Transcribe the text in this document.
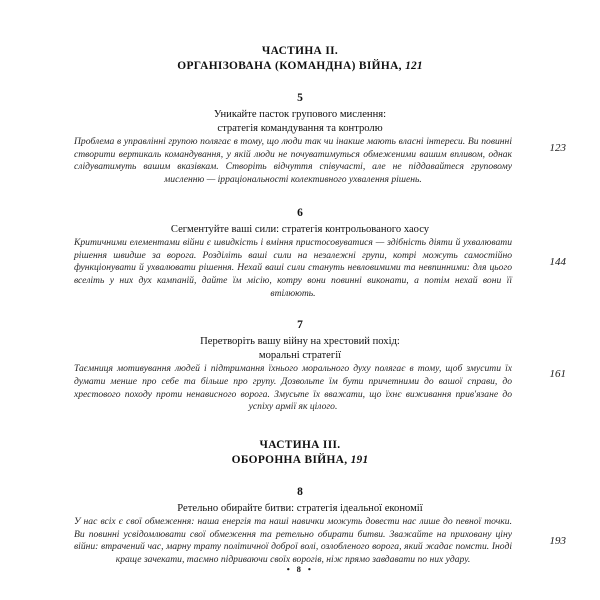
ЧАСТИНА II.
ОРГАНІЗОВАНА (КОМАНДНА) ВІЙНА, 121
5
Уникайте пасток групового мислення:
стратегія командування та контролю
Проблема в управлінні групою полягає в тому, що люди так чи інакше мають власні інтереси. Ви повинні створити вертикаль командування, у якій люди не почуватимуться обмеженими вашим впливом, однак слідуватимуть вашим вказівкам. Створіть відчуття співучасті, але не піддавайтеся груповому мисленню — ірраціональності колективного ухвалення рішень.
123
6
Сегментуйте ваші сили: стратегія контрольованого хаосу
Критичними елементами війни є швидкість і вміння пристосовуватися — здібність діяти й ухвалювати рішення швидше за ворога. Розділіть ваші сили на незалежні групи, котрі можуть самостійно функціонувати й ухвалювати рішення. Нехай ваші сили стануть невловимими та невпинними: для цього вселіть у них дух кампаній, дайте їм місію, котру вони повинні виконати, а потім нехай вони її втілюють.
144
7
Перетворіть вашу війну на хрестовий похід:
моральні стратегії
Таємниця мотивування людей і підтримання їхнього морального духу полягає в тому, щоб змусити їх думати менше про себе та більше про групу. Дозвольте їм бути причетними до вашої справи, до хрестового походу проти ненависного ворога. Змусьте їх вважати, що їхнє виживання прив'язане до успіху армії як цілого.
161
ЧАСТИНА III.
ОБОРОННА ВІЙНА, 191
8
Ретельно обирайте битви: стратегія ідеальної економії
У нас всіх є свої обмеження: наша енергія та наші навички можуть довести нас лише до певної точки. Ви повинні усвідомлювати свої обмеження та ретельно обирати битви. Зважайте на приховану ціну війни: втрачений час, марну трату політичної доброї волі, озлобленого ворога, який жадає помсти. Іноді краще зачекати, таємно підриваючи своїх ворогів, ніж прямо завдавати по них удару.
193
• 8 •
